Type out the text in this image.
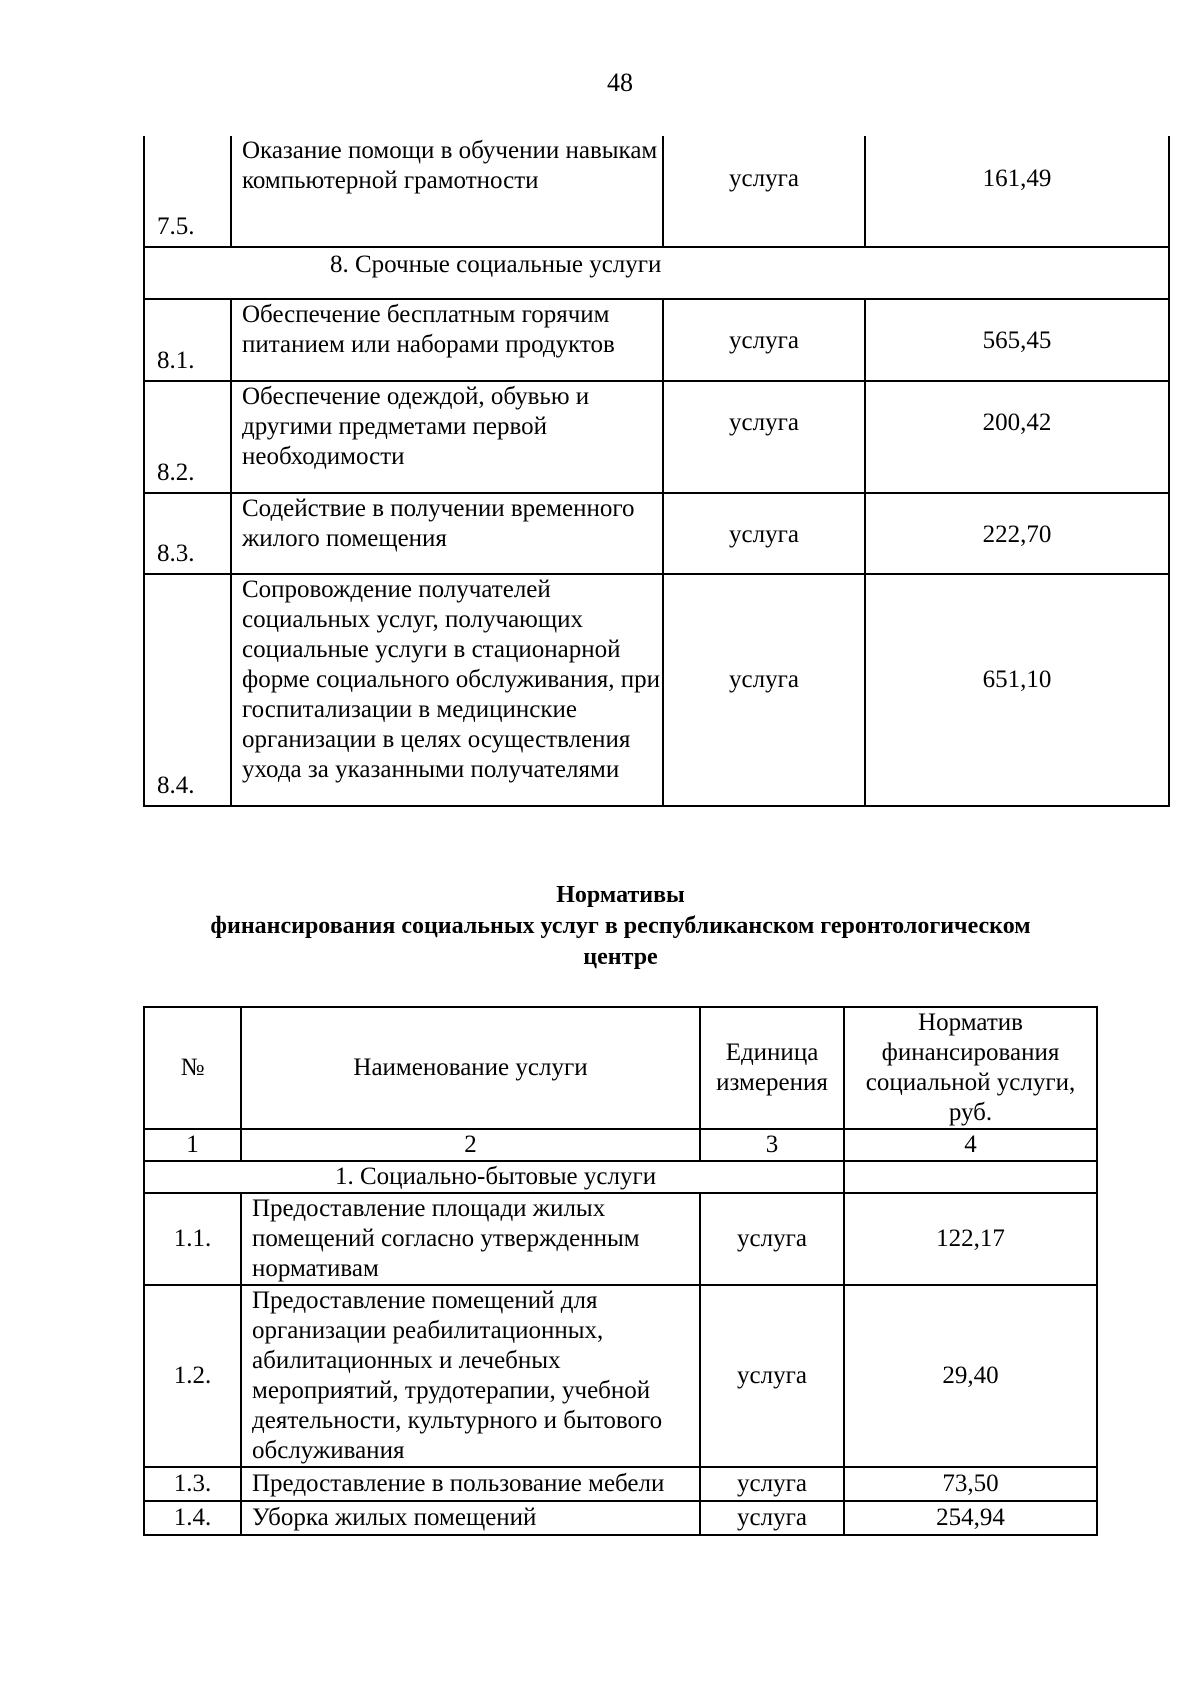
48
7.5.	Оказание помощи в обучении навыкам компьютерной грамотности	услуга	161,49
8. Срочные социальные услуги			
8.1.	Обеспечение бесплатным горячим питанием или наборами продуктов	услуга	565,45
8.2.	Обеспечение одеждой, обувью и другими предметами первой необходимости	услуга	200,42
8.3.	Содействие в получении временного жилого помещения	услуга	222,70
8.4.	Сопровождение получателей социальных услуг, получающих социальные услуги в стационарной форме социального обслуживания, при госпитализации в медицинские организации в целях осуществления ухода за указанными получателями	услуга	651,10
Нормативы
финансирования социальных услуг в республиканском геронтологическом
центре
№	Наименование услуги	Единица измерения	Норматив финансирования социальной услуги, руб.
1	2	3	4
1. Социально-бытовые услуги			
1.1.	Предоставление площади жилых помещений согласно утвержденным нормативам	услуга	122,17
1.2.	Предоставление помещений для организации реабилитационных, абилитационных и лечебных мероприятий, трудотерапии, учебной деятельности, культурного и бытового обслуживания	услуга	29,40
1.3.	Предоставление в пользование мебели	услуга	73,50
1.4.	Уборка жилых помещений	услуга	254,94
